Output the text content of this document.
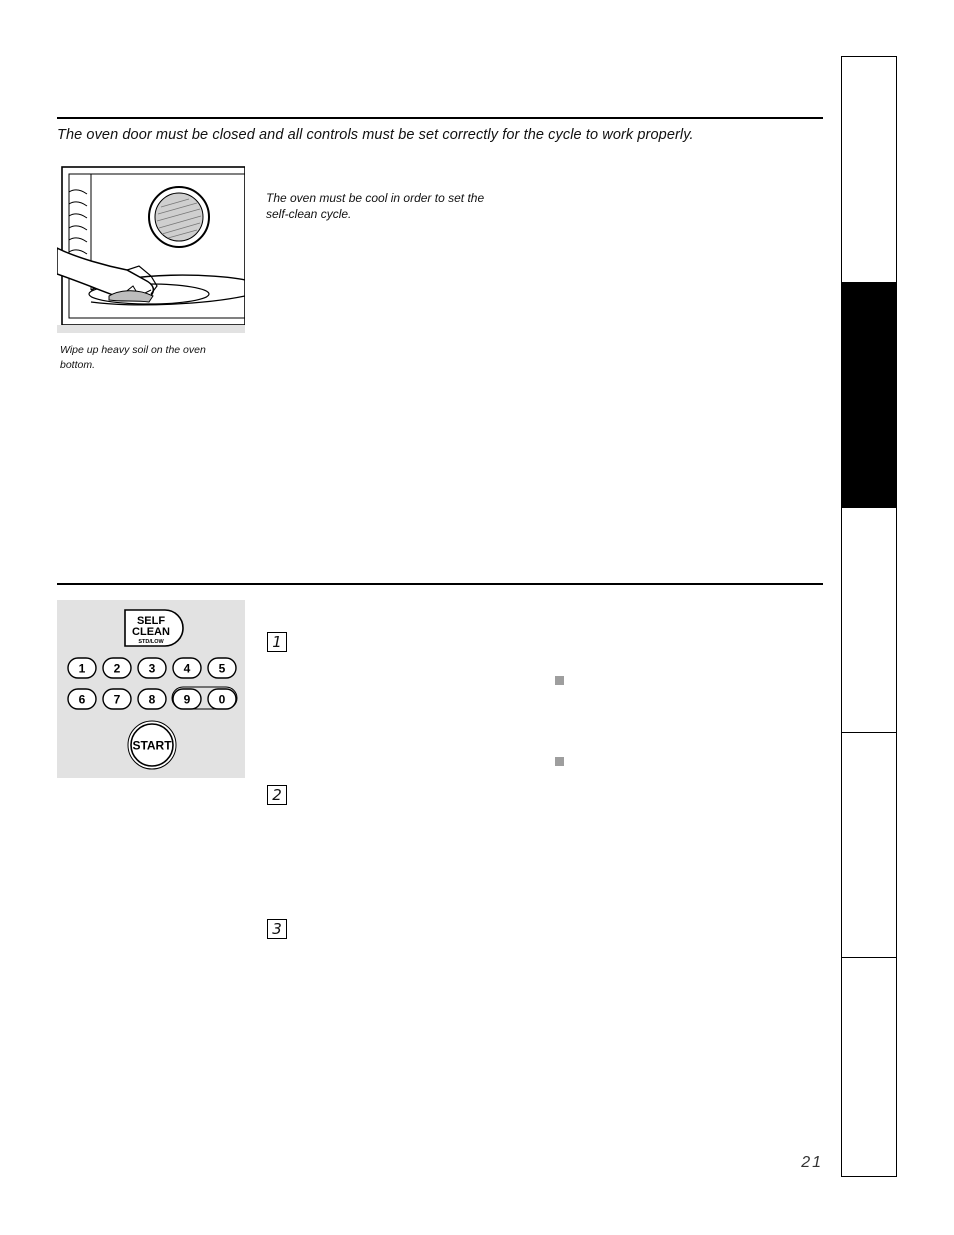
The oven door must be closed and all controls must be set correctly for the cycle to work properly.
Wipe up heavy soil on the oven bottom.
The oven must be cool in order to set the self-clean cycle.
SELF
CLEAN
STD/LOW
1 2 3 4 5
6 7 8 9 0
START
1
2
3
21
